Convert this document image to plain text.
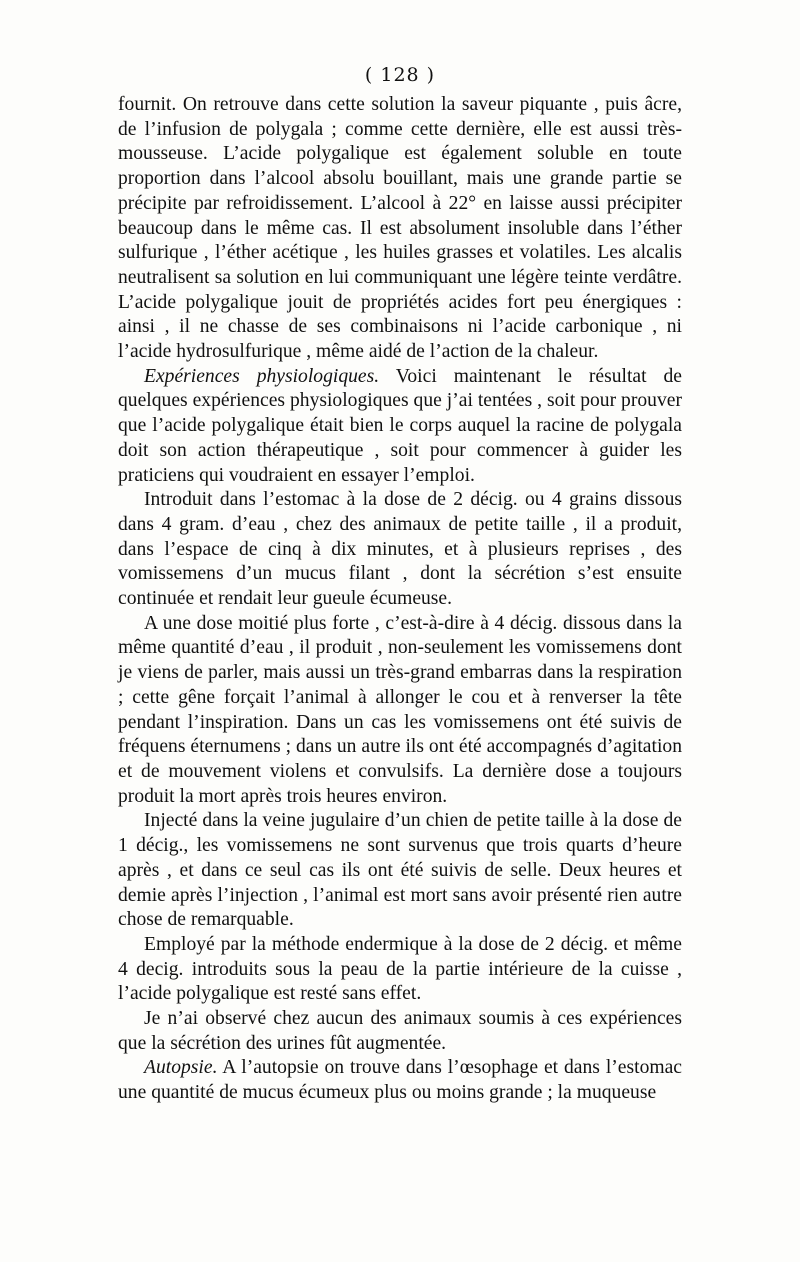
( 128 )

fournit. On retrouve dans cette solution la saveur piquante , puis âcre, de l’infusion de polygala ; comme cette dernière, elle est aussi très-mousseuse. L’acide polygalique est également soluble en toute proportion dans l’alcool absolu bouillant, mais une grande partie se précipite par refroidissement. L’alcool à 22° en laisse aussi précipiter beaucoup dans le même cas. Il est absolument insoluble dans l’éther sulfurique , l’éther acétique , les huiles grasses et volatiles. Les alcalis neutralisent sa solution en lui communiquant une légère teinte verdâtre. L’acide polygalique jouit de propriétés acides fort peu énergiques : ainsi , il ne chasse de ses combinaisons ni l’acide carbonique , ni l’acide hydrosulfurique , même aidé de l’action de la chaleur.

Expériences physiologiques. Voici maintenant le résultat de quelques expériences physiologiques que j’ai tentées , soit pour prouver que l’acide polygalique était bien le corps auquel la racine de polygala doit son action thérapeutique , soit pour commencer à guider les praticiens qui voudraient en essayer l’emploi.

Introduit dans l’estomac à la dose de 2 décig. ou 4 grains dissous dans 4 gram. d’eau , chez des animaux de petite taille , il a produit, dans l’espace de cinq à dix minutes, et à plusieurs reprises , des vomissemens d’un mucus filant , dont la sécrétion s’est ensuite continuée et rendait leur gueule écumeuse.

A une dose moitié plus forte , c’est-à-dire à 4 décig. dissous dans la même quantité d’eau , il produit , non-seulement les vomissemens dont je viens de parler, mais aussi un très-grand embarras dans la respiration ; cette gêne forçait l’animal à allonger le cou et à renverser la tête pendant l’inspiration. Dans un cas les vomissemens ont été suivis de fréquens éternumens ; dans un autre ils ont été accompagnés d’agitation et de mouvement violens et convulsifs. La dernière dose a toujours produit la mort après trois heures environ.

Injecté dans la veine jugulaire d’un chien de petite taille à la dose de 1 décig., les vomissemens ne sont survenus que trois quarts d’heure après , et dans ce seul cas ils ont été suivis de selle. Deux heures et demie après l’injection , l’animal est mort sans avoir présenté rien autre chose de remarquable.

Employé par la méthode endermique à la dose de 2 décig. et même 4 decig. introduits sous la peau de la partie intérieure de la cuisse , l’acide polygalique est resté sans effet.

Je n’ai observé chez aucun des animaux soumis à ces expériences que la sécrétion des urines fût augmentée.

Autopsie. A l’autopsie on trouve dans l’œsophage et dans l’estomac une quantité de mucus écumeux plus ou moins grande ; la muqueuse
